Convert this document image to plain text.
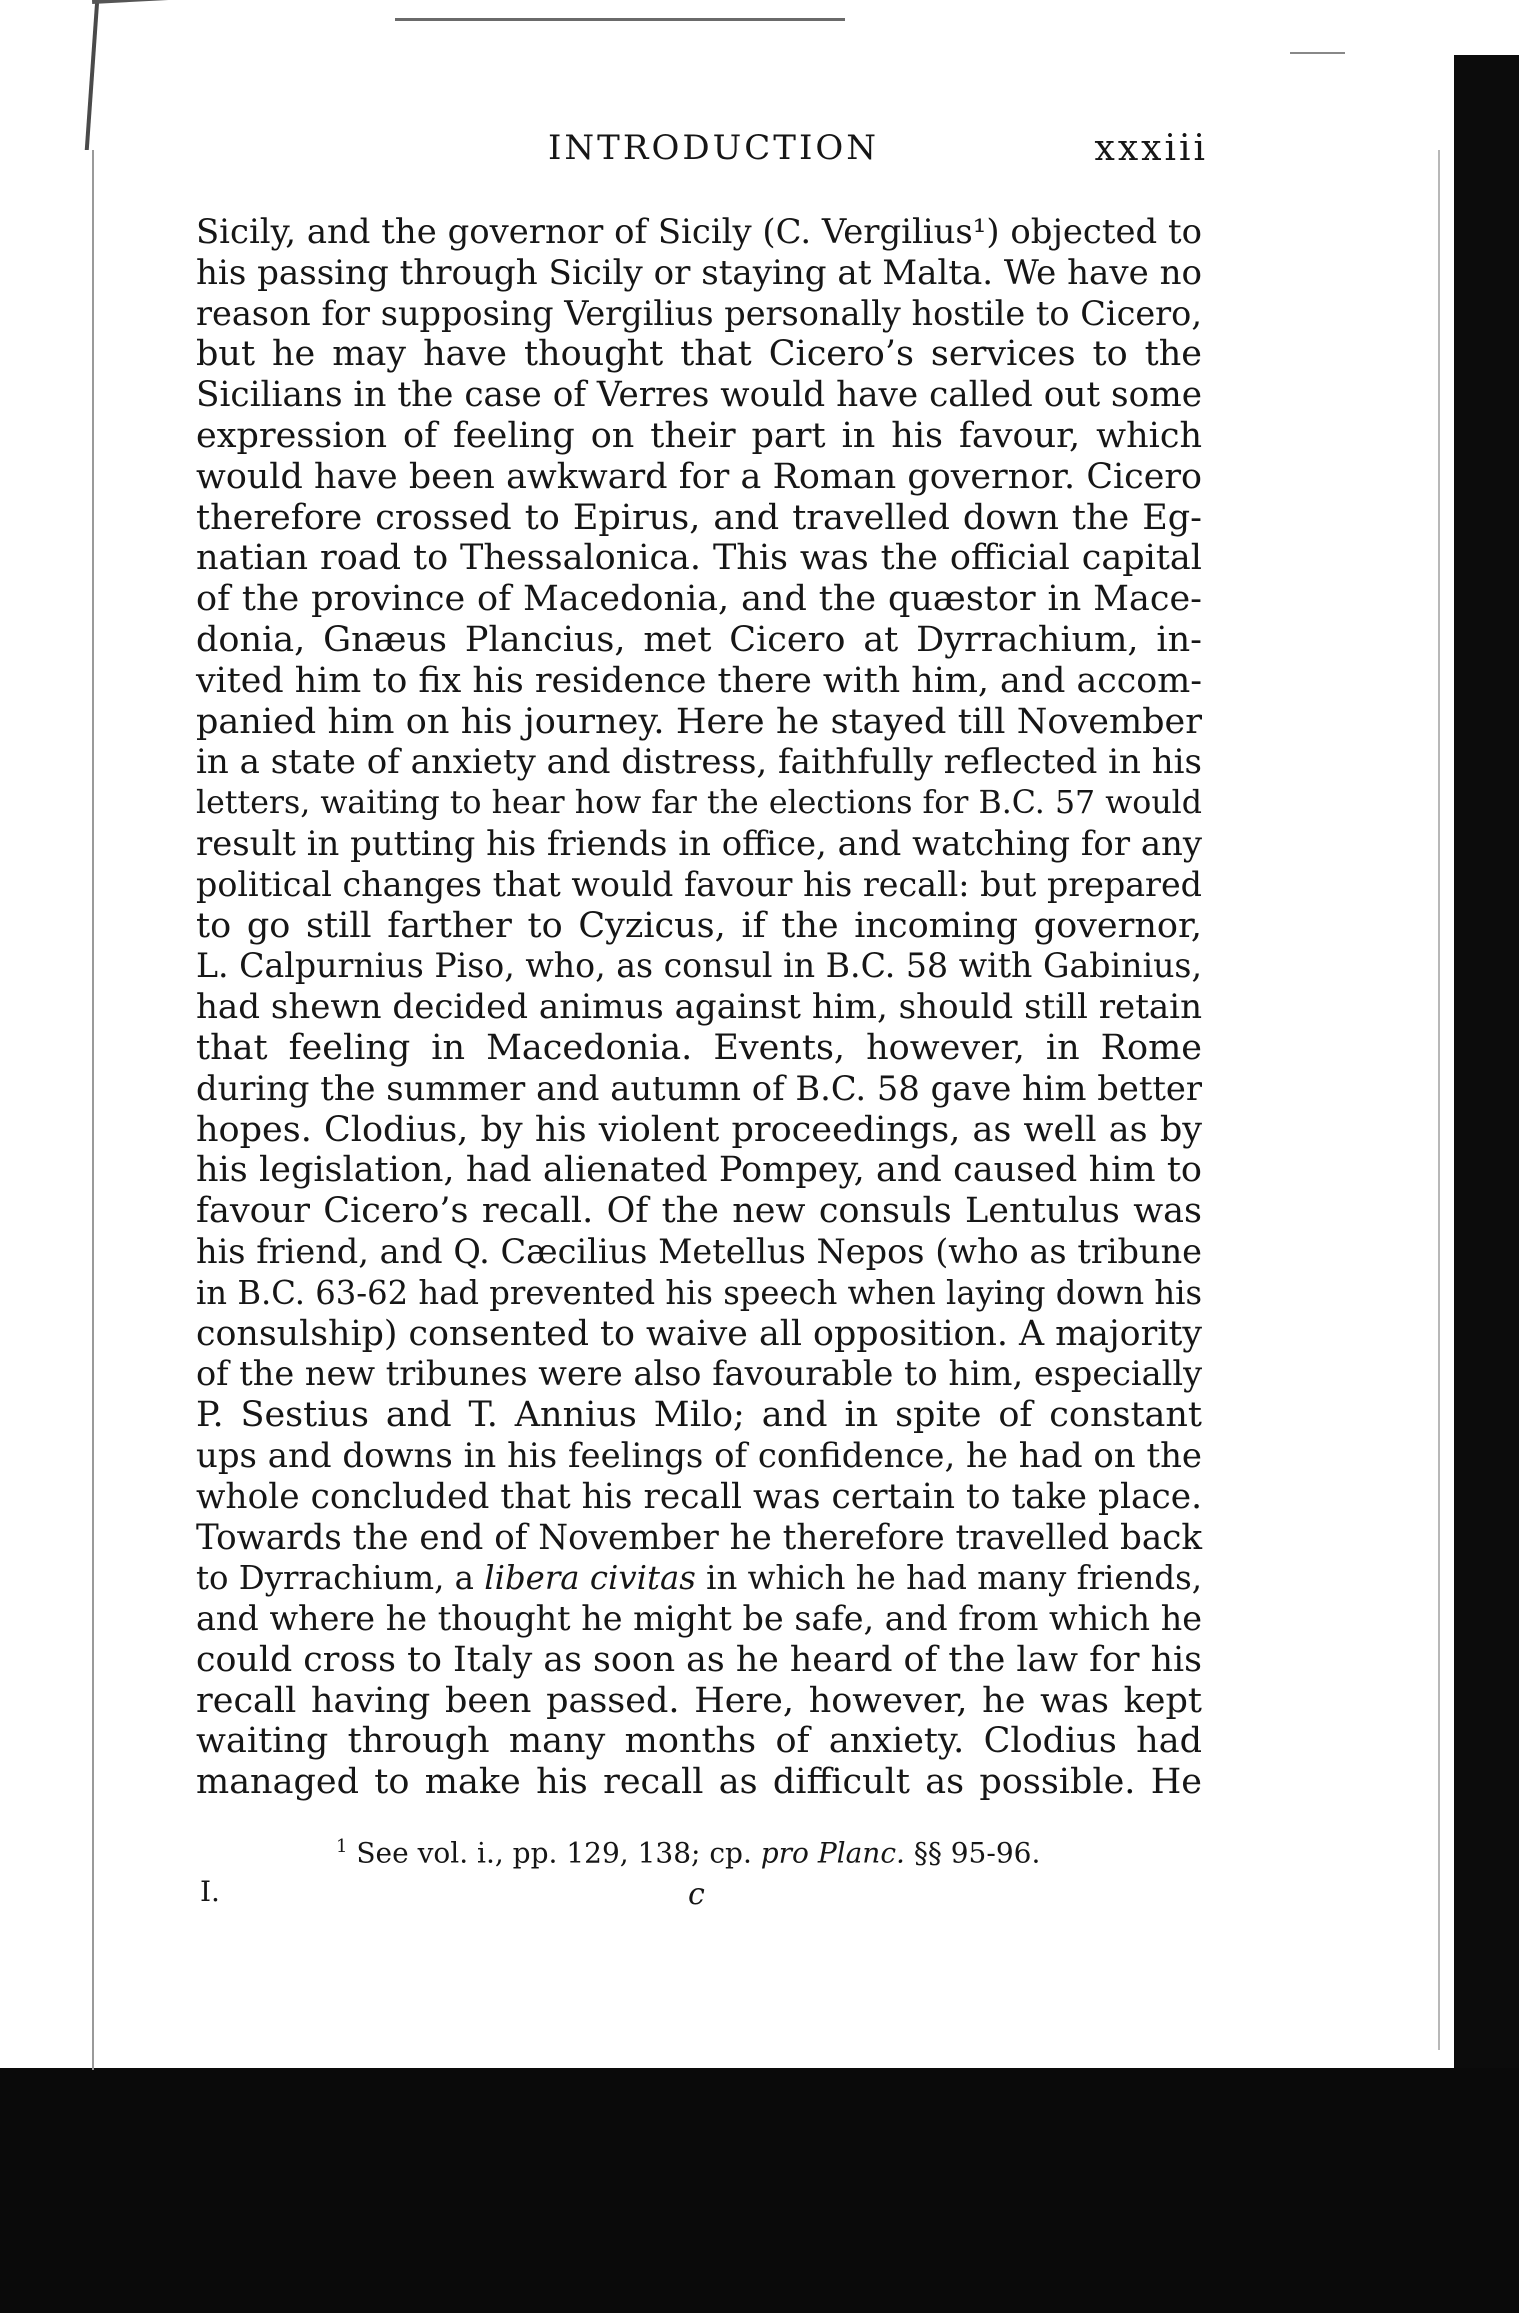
INTRODUCTION	xxxiii
Sicily, and the governor of Sicily (C. Vergilius¹) objected to
his passing through Sicily or staying at Malta. We have no
reason for supposing Vergilius personally hostile to Cicero,
but he may have thought that Cicero’s services to the
Sicilians in the case of Verres would have called out some
expression of feeling on their part in his favour, which
would have been awkward for a Roman governor. Cicero
therefore crossed to Epirus, and travelled down the Eg-
natian road to Thessalonica. This was the official capital
of the province of Macedonia, and the quæstor in Mace-
donia, Gnæus Plancius, met Cicero at Dyrrachium, in-
vited him to fix his residence there with him, and accom-
panied him on his journey. Here he stayed till November
in a state of anxiety and distress, faithfully reflected in his
letters, waiting to hear how far the elections for B.C. 57 would
result in putting his friends in office, and watching for any
political changes that would favour his recall: but prepared
to go still farther to Cyzicus, if the incoming governor,
L. Calpurnius Piso, who, as consul in B.C. 58 with Gabinius,
had shewn decided animus against him, should still retain
that feeling in Macedonia. Events, however, in Rome
during the summer and autumn of B.C. 58 gave him better
hopes. Clodius, by his violent proceedings, as well as by
his legislation, had alienated Pompey, and caused him to
favour Cicero’s recall. Of the new consuls Lentulus was
his friend, and Q. Cæcilius Metellus Nepos (who as tribune
in B.C. 63-62 had prevented his speech when laying down his
consulship) consented to waive all opposition. A majority
of the new tribunes were also favourable to him, especially
P. Sestius and T. Annius Milo; and in spite of constant
ups and downs in his feelings of confidence, he had on the
whole concluded that his recall was certain to take place.
Towards the end of November he therefore travelled back
to Dyrrachium, a libera civitas in which he had many friends,
and where he thought he might be safe, and from which he
could cross to Italy as soon as he heard of the law for his
recall having been passed. Here, however, he was kept
waiting through many months of anxiety. Clodius had
managed to make his recall as difficult as possible. He
$^1$ See vol. i., pp. 129, 138; cp. pro Planc. §§ 95-96.
I.	c
